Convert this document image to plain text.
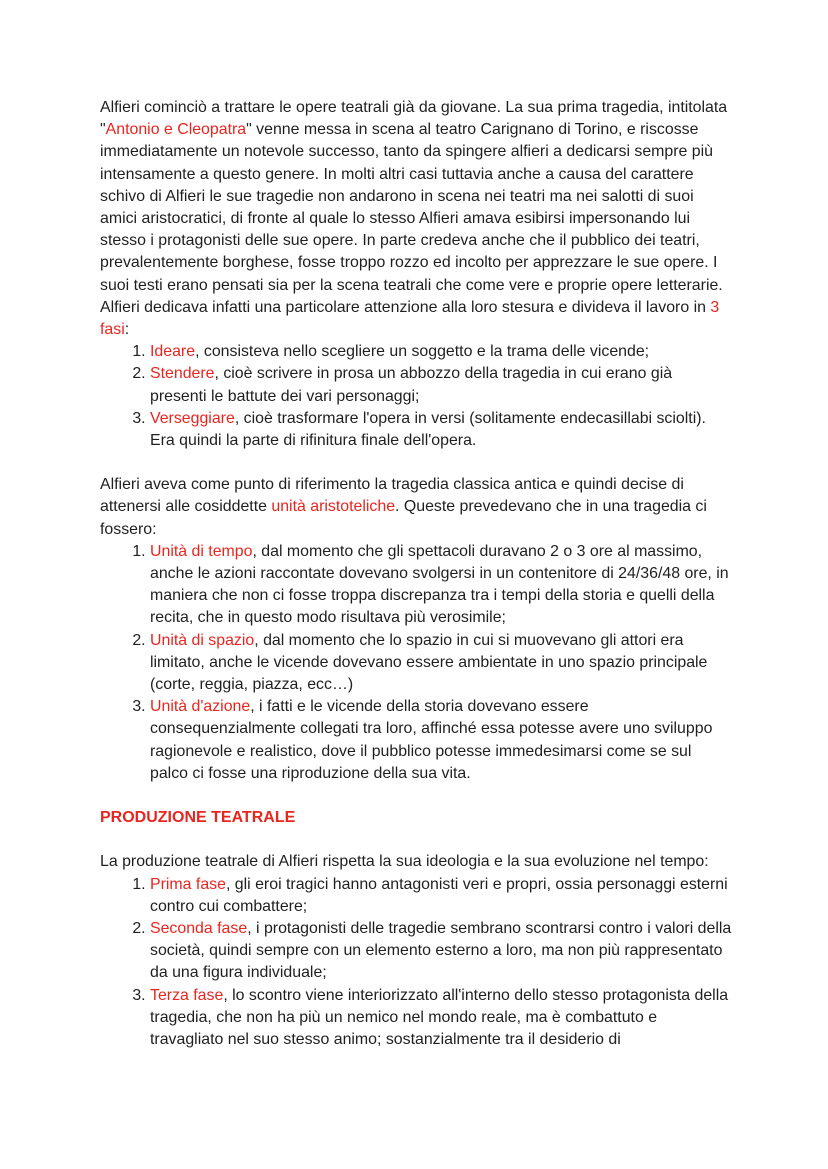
Alfieri cominciò a trattare le opere teatrali già da giovane. La sua prima tragedia, intitolata "Antonio e Cleopatra" venne messa in scena al teatro Carignano di Torino, e riscosse immediatamente un notevole successo, tanto da spingere alfieri a dedicarsi sempre più intensamente a questo genere. In molti altri casi tuttavia anche a causa del carattere schivo di Alfieri le sue tragedie non andarono in scena nei teatri ma nei salotti di suoi amici aristocratici, di fronte al quale lo stesso Alfieri amava esibirsi impersonando lui stesso i protagonisti delle sue opere. In parte credeva anche che il pubblico dei teatri, prevalentemente borghese, fosse troppo rozzo ed incolto per apprezzare le sue opere. I suoi testi erano pensati sia per la scena teatrali che come vere e proprie opere letterarie. Alfieri dedicava infatti una particolare attenzione alla loro stesura e divideva il lavoro in 3 fasi:

1. Ideare, consisteva nello scegliere un soggetto e la trama delle vicende;
2. Stendere, cioè scrivere in prosa un abbozzo della tragedia in cui erano già presenti le battute dei vari personaggi;
3. Verseggiare, cioè trasformare l'opera in versi (solitamente endecasillabi sciolti). Era quindi la parte di rifinitura finale dell'opera.

Alfieri aveva come punto di riferimento la tragedia classica antica e quindi decise di attenersi alle cosiddette unità aristoteliche. Queste prevedevano che in una tragedia ci fossero:

1. Unità di tempo, dal momento che gli spettacoli duravano 2 o 3 ore al massimo, anche le azioni raccontate dovevano svolgersi in un contenitore di 24/36/48 ore, in maniera che non ci fosse troppa discrepanza tra i tempi della storia e quelli della recita, che in questo modo risultava più verosimile;
2. Unità di spazio, dal momento che lo spazio in cui si muovevano gli attori era limitato, anche le vicende dovevano essere ambientate in uno spazio principale (corte, reggia, piazza, ecc…)
3. Unità d'azione, i fatti e le vicende della storia dovevano essere consequenzialmente collegati tra loro, affinché essa potesse avere uno sviluppo ragionevole e realistico, dove il pubblico potesse immedesimarsi come se sul palco ci fosse una riproduzione della sua vita.

PRODUZIONE TEATRALE

La produzione teatrale di Alfieri rispetta la sua ideologia e la sua evoluzione nel tempo:

1. Prima fase, gli eroi tragici hanno antagonisti veri e propri, ossia personaggi esterni contro cui combattere;
2. Seconda fase, i protagonisti delle tragedie sembrano scontrarsi contro i valori della società, quindi sempre con un elemento esterno a loro, ma non più rappresentato da una figura individuale;
3. Terza fase, lo scontro viene interiorizzato all'interno dello stesso protagonista della tragedia, che non ha più un nemico nel mondo reale, ma è combattuto e travagliato nel suo stesso animo; sostanzialmente tra il desiderio di
